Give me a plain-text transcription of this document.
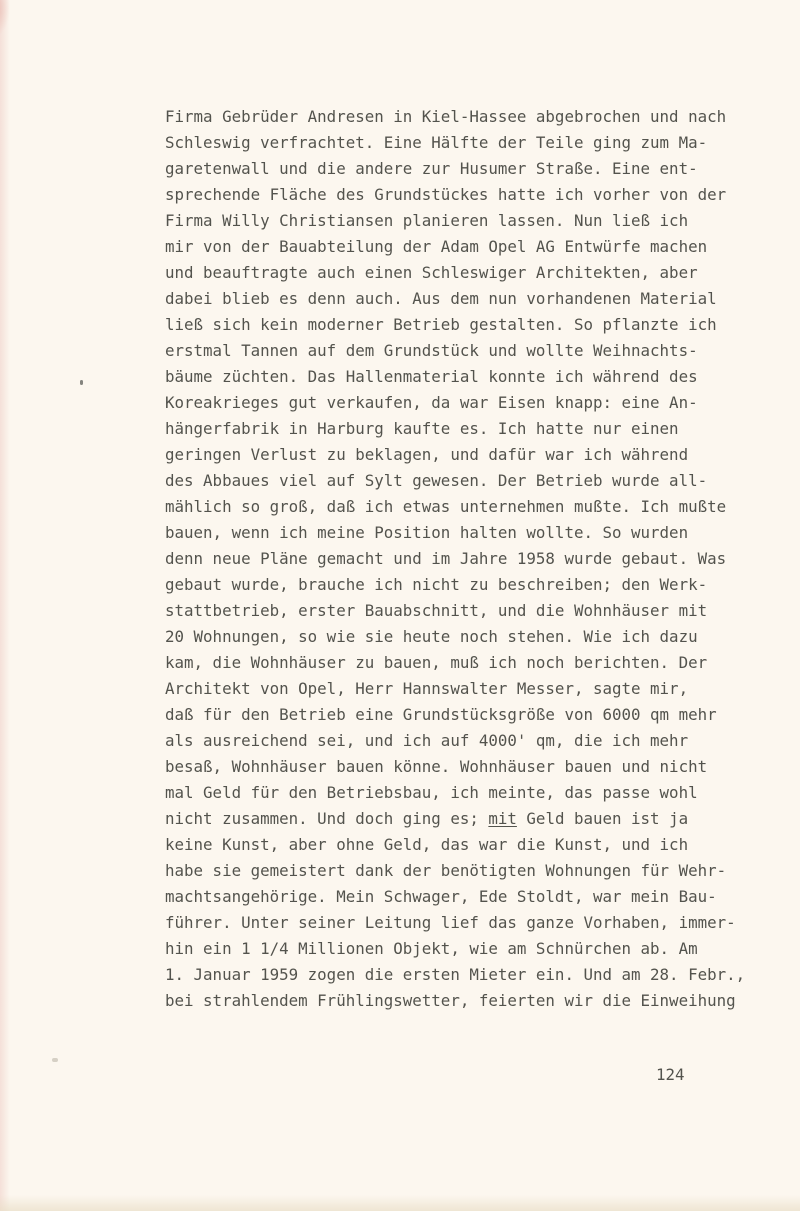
Firma Gebrüder Andresen in Kiel-Hassee abgebrochen und nach
Schleswig verfrachtet. Eine Hälfte der Teile ging zum Ma-
garetenwall und die andere zur Husumer Straße. Eine ent-
sprechende Fläche des Grundstückes hatte ich vorher von der
Firma Willy Christiansen planieren lassen. Nun ließ ich
mir von der Bauabteilung der Adam Opel AG Entwürfe machen
und beauftragte auch einen Schleswiger Architekten, aber
dabei blieb es denn auch. Aus dem nun vorhandenen Material
ließ sich kein moderner Betrieb gestalten. So pflanzte ich
erstmal Tannen auf dem Grundstück und wollte Weihnachts-
bäume züchten. Das Hallenmaterial konnte ich während des
Koreakrieges gut verkaufen, da war Eisen knapp: eine An-
hängerfabrik in Harburg kaufte es. Ich hatte nur einen
geringen Verlust zu beklagen, und dafür war ich während
des Abbaues viel auf Sylt gewesen. Der Betrieb wurde all-
mählich so groß, daß ich etwas unternehmen mußte. Ich mußte
bauen, wenn ich meine Position halten wollte. So wurden
denn neue Pläne gemacht und im Jahre 1958 wurde gebaut. Was
gebaut wurde, brauche ich nicht zu beschreiben; den Werk-
stattbetrieb, erster Bauabschnitt, und die Wohnhäuser mit
20 Wohnungen, so wie sie heute noch stehen. Wie ich dazu
kam, die Wohnhäuser zu bauen, muß ich noch berichten. Der
Architekt von Opel, Herr Hannswalter Messer, sagte mir,
daß für den Betrieb eine Grundstücksgröße von 6000 qm mehr
als ausreichend sei, und ich auf 4000' qm, die ich mehr
besaß, Wohnhäuser bauen könne. Wohnhäuser bauen und nicht
mal Geld für den Betriebsbau, ich meinte, das passe wohl
nicht zusammen. Und doch ging es; mit Geld bauen ist ja
keine Kunst, aber ohne Geld, das war die Kunst, und ich
habe sie gemeistert dank der benötigten Wohnungen für Wehr-
machtsangehörige. Mein Schwager, Ede Stoldt, war mein Bau-
führer. Unter seiner Leitung lief das ganze Vorhaben, immer-
hin ein 1 1/4 Millionen Objekt, wie am Schnürchen ab. Am
1. Januar 1959 zogen die ersten Mieter ein. Und am 28. Febr.,
bei strahlendem Frühlingswetter, feierten wir die Einweihung
124
